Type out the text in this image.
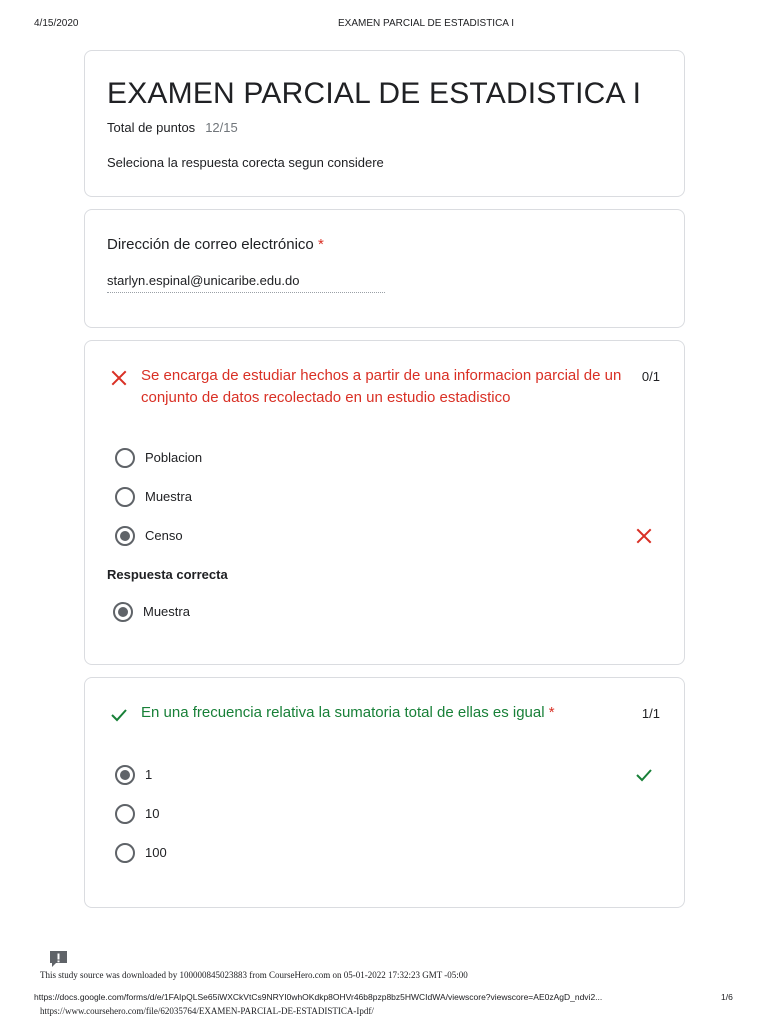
4/15/2020	EXAMEN PARCIAL DE ESTADISTICA I
EXAMEN PARCIAL DE ESTADISTICA I
Total de puntos 12/15
Seleciona la respuesta corecta segun considere
Dirección de correo electrónico *
starlyn.espinal@unicaribe.edu.do
Se encarga de estudiar hechos a partir de una informacion parcial de un conjunto de datos recolectado en un estudio estadistico
0/1
Poblacion
Muestra
Censo
Respuesta correcta
Muestra
En una frecuencia relativa la sumatoria total de ellas es igual *	1/1
1
10
100
This study source was downloaded by 100000845023883 from CourseHero.com on 05-01-2022 17:32:23 GMT -05:00
https://docs.google.com/forms/d/e/1FAIpQLSe65iWXCkVtCs9NRYI0whOKdkp8OHVr46b8pzp8bz5HWCIdWA/viewscore?viewscore=AE0zAgD_ndvi2...	1/6
https://www.coursehero.com/file/62035764/EXAMEN-PARCIAL-DE-ESTADISTICA-Ipdf/
